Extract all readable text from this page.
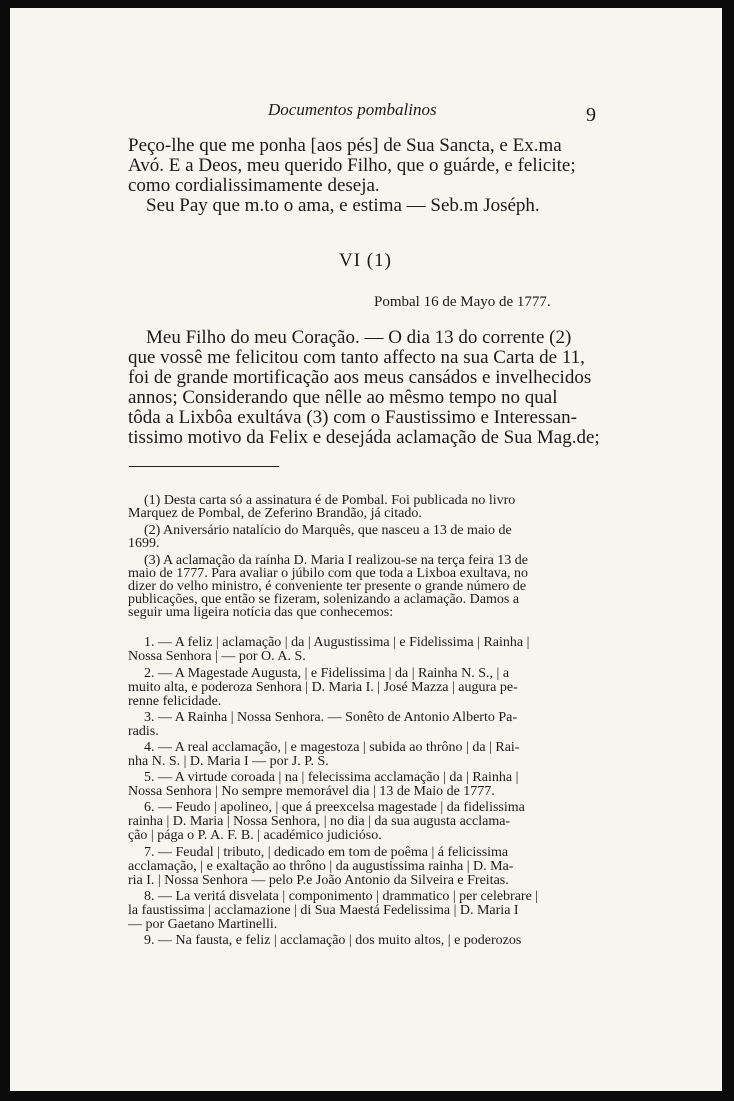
Documentos pombalinos	9
Peço-lhe que me ponha [aos pés] de Sua Sancta, e Ex.ma
Avó. E a Deos, meu querido Filho, que o guárde, e felicite;
como cordialissimamente deseja.
Seu Pay que m.to o ama, e estima — Seb.m Joséph.
VI (1)
Pombal 16 de Mayo de 1777.
Meu Filho do meu Coração. — O dia 13 do corrente (2)
que vossê me felicitou com tanto affecto na sua Carta de 11,
foi de grande mortificação aos meus cansádos e invelhecidos
annos; Considerando que nêlle ao mêsmo tempo no qual
tôda a Lixbôa exultáva (3) com o Faustissimo e Interessan-
tissimo motivo da Felix e desejáda aclamação de Sua Mag.de;
(1) Desta carta só a assinatura é de Pombal. Foi publicada no livro
Marquez de Pombal, de Zeferino Brandão, já citado.
(2) Aniversário natalício do Marquês, que nasceu a 13 de maio de
1699.
(3) A aclamação da raínha D. Maria I realizou-se na terça feira 13 de
maio de 1777. Para avaliar o júbilo com que toda a Lixboa exultava, no
dizer do velho ministro, é conveniente ter presente o grande número de
publicações, que então se fizeram, solenizando a aclamação. Damos a
seguir uma ligeira notícia das que conhecemos:
1. — A feliz | aclamação | da | Augustissima | e Fidelissima | Rainha |
Nossa Senhora | — por O. A. S.
2. — A Magestade Augusta, | e Fidelissima | da | Rainha N. S., | a
muito alta, e poderoza Senhora | D. Maria I. | José Mazza | augura pe-
renne felicidade.
3. — A Rainha | Nossa Senhora. — Sonêto de Antonio Alberto Pa-
radis.
4. — A real acclamação, | e magestoza | subida ao thrôno | da | Rai-
nha N. S. | D. Maria I — por J. P. S.
5. — A virtude coroada | na | felecissima acclamação | da | Rainha |
Nossa Senhora | No sempre memorável dia | 13 de Maio de 1777.
6. — Feudo | apolineo, | que á preexcelsa magestade | da fidelissima
rainha | D. Maria | Nossa Senhora, | no dia | da sua augusta acclama-
ção | pága o P. A. F. B. | académico judicióso.
7. — Feudal | tributo, | dedicado em tom de poêma | á felicissima
acclamação, | e exaltação ao thrôno | da augustissima rainha | D. Ma-
ria I. | Nossa Senhora — pelo P.e João Antonio da Silveira e Freitas.
8. — La veritá disvelata | componimento | drammatico | per celebrare |
la faustissima | acclamazione | di Sua Maestá Fedelissima | D. Maria I
— por Gaetano Martinelli.
9. — Na fausta, e feliz | acclamação | dos muito altos, | e poderozos
